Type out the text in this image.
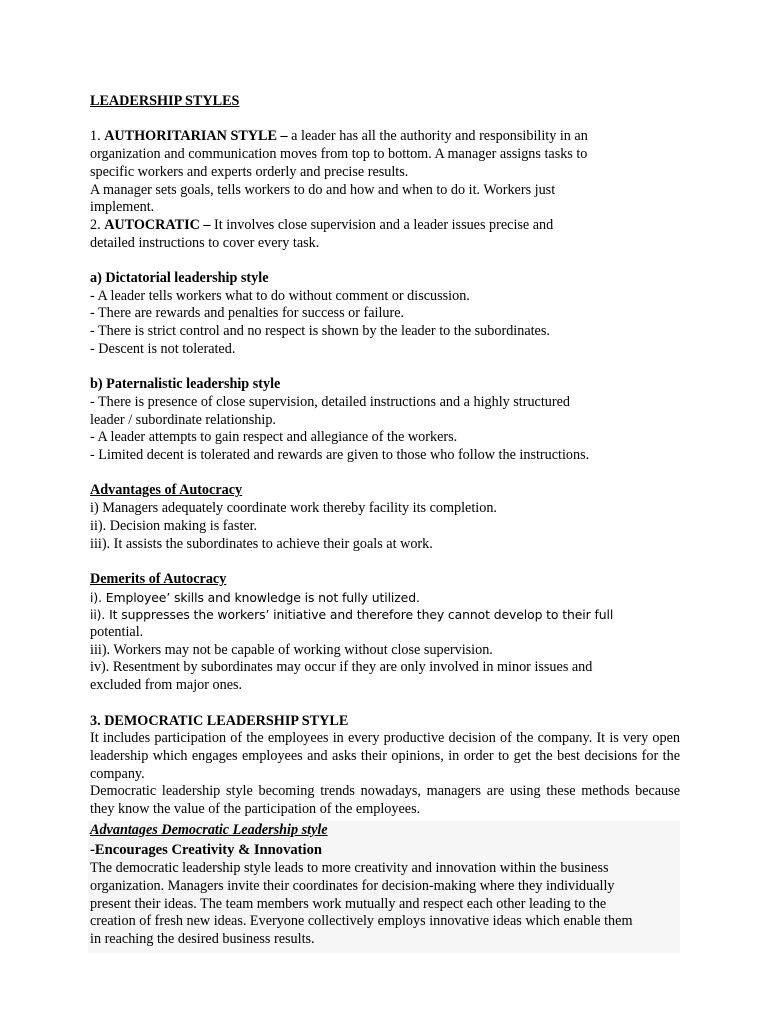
LEADERSHIP STYLES
1. AUTHORITARIAN STYLE – a leader has all the authority and responsibility in an
organization and communication moves from top to bottom. A manager assigns tasks to
specific workers and experts orderly and precise results.
A manager sets goals, tells workers to do and how and when to do it. Workers just
implement.
2. AUTOCRATIC – It involves close supervision and a leader issues precise and
detailed instructions to cover every task.
a) Dictatorial leadership style
- A leader tells workers what to do without comment or discussion.
- There are rewards and penalties for success or failure.
- There is strict control and no respect is shown by the leader to the subordinates.
- Descent is not tolerated.
b) Paternalistic leadership style
- There is presence of close supervision, detailed instructions and a highly structured
leader / subordinate relationship.
- A leader attempts to gain respect and allegiance of the workers.
- Limited decent is tolerated and rewards are given to those who follow the instructions.
Advantages of Autocracy
i) Managers adequately coordinate work thereby facility its completion.
ii). Decision making is faster.
iii). It assists the subordinates to achieve their goals at work.
Demerits of Autocracy
i). Employee’ skills and knowledge is not fully utilized.
ii). It suppresses the workers’ initiative and therefore they cannot develop to their full
potential.
iii). Workers may not be capable of working without close supervision.
iv). Resentment by subordinates may occur if they are only involved in minor issues and
excluded from major ones.
3. DEMOCRATIC LEADERSHIP STYLE
It includes participation of the employees in every productive decision of the company. It is very open leadership which engages employees and asks their opinions, in order to get the best decisions for the company.
Democratic leadership style becoming trends nowadays, managers are using these methods because they know the value of the participation of the employees.
Advantages Democratic Leadership style
-Encourages Creativity & Innovation
The democratic leadership style leads to more creativity and innovation within the business
organization. Managers invite their coordinates for decision-making where they individually
present their ideas. The team members work mutually and respect each other leading to the
creation of fresh new ideas. Everyone collectively employs innovative ideas which enable them
in reaching the desired business results.
